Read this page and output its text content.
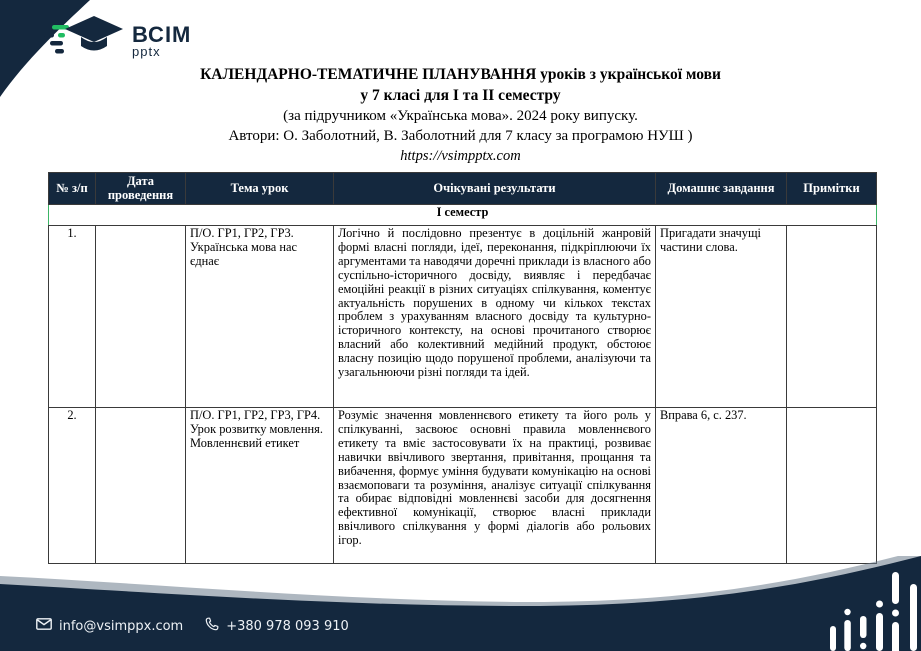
ВСІМ
pptx
КАЛЕНДАРНО-ТЕМАТИЧНЕ ПЛАНУВАННЯ уроків з української мови
у 7 класі для І та ІІ семестру
(за підручником «Українська мова». 2024 року випуску.
Автори: О. Заболотний, В. Заболотний для 7 класу за програмою НУШ )
https://vsimpptx.com
№ з/п	Дата проведення	Тема урок	Очікувані результати	Домашнє завдання	Примітки
І семестр					
1.		П/О. ГР1, ГР2, ГР3. Українська мова нас єднає	Логічно й послідовно презентує в доцільній жанровій формі власні погляди, ідеї, переконання, підкріплюючи їх аргументами та наводячи доречні приклади із власного або суспільно-історичного досвіду, виявляє і передбачає емоційні реакції в різних ситуаціях спілкування, коментує актуальність порушених в одному чи кількох текстах проблем з урахуванням власного досвіду та культурно-історичного контексту, на основі прочитаного створює власний або колективний медійний продукт, обстоює власну позицію щодо порушеної проблеми, аналізуючи та узагальнюючи різні погляди та ідей.	Пригадати значущі частини слова.	
2.		П/О. ГР1, ГР2, ГР3, ГР4. Урок розвитку мовлення. Мовленнєвий етикет	Розуміє значення мовленнєвого етикету та його роль у спілкуванні, засвоює основні правила мовленнєвого етикету та вміє застосовувати їх на практиці, розвиває навички ввічливого звертання, привітання, прощання та вибачення, формує уміння будувати комунікацію на основі взаємоповаги та розуміння, аналізує ситуації спілкування та обирає відповідні мовленнєві засоби для досягнення ефективної комунікації, створює власні приклади ввічливого спілкування у формі діалогів або рольових ігор.	Вправа 6, с. 237.	
info@vsimppx.com	+380 978 093 910
